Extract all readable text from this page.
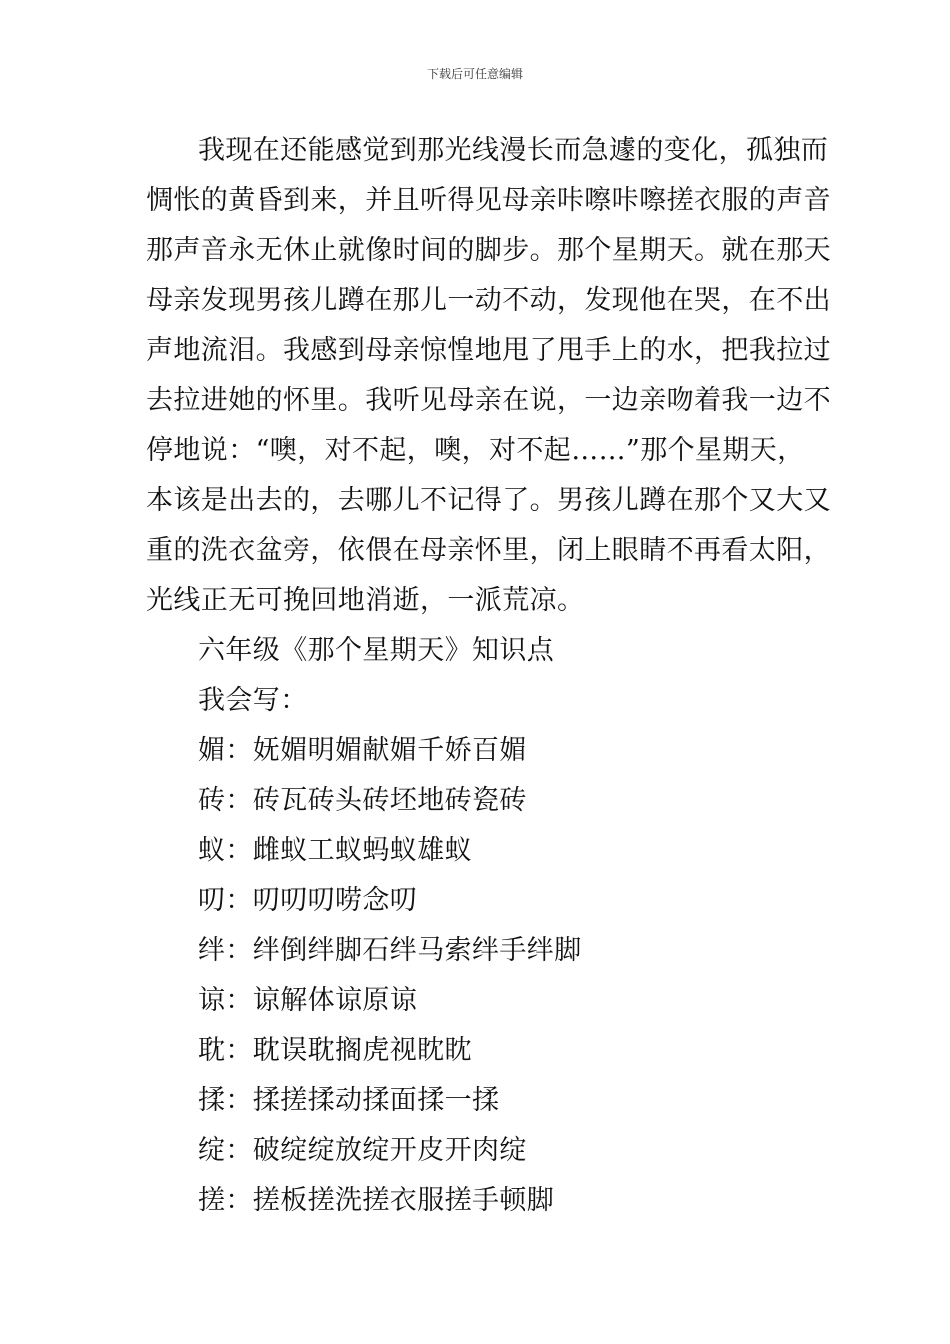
下载后可任意编辑
我现在还能感觉到那光线漫长而急遽的变化，孤独而
惆怅的黄昏到来，并且听得见母亲咔嚓咔嚓搓衣服的声音
那声音永无休止就像时间的脚步。那个星期天。就在那天
母亲发现男孩儿蹲在那儿一动不动，发现他在哭，在不出
声地流泪。我感到母亲惊惶地甩了甩手上的水，把我拉过
去拉进她的怀里。我听见母亲在说，一边亲吻着我一边不
停地说：“噢，对不起，噢，对不起……”那个星期天，
本该是出去的，去哪儿不记得了。男孩儿蹲在那个又大又
重的洗衣盆旁，依偎在母亲怀里，闭上眼睛不再看太阳，
光线正无可挽回地消逝，一派荒凉。
六年级《那个星期天》知识点
我会写：
媚：妩媚明媚献媚千娇百媚
砖：砖瓦砖头砖坯地砖瓷砖
蚁：雌蚁工蚁蚂蚁雄蚁
叨：叨叨叨唠念叨
绊：绊倒绊脚石绊马索绊手绊脚
谅：谅解体谅原谅
耽：耽误耽搁虎视眈眈
揉：揉搓揉动揉面揉一揉
绽：破绽绽放绽开皮开肉绽
搓：搓板搓洗搓衣服搓手顿脚
